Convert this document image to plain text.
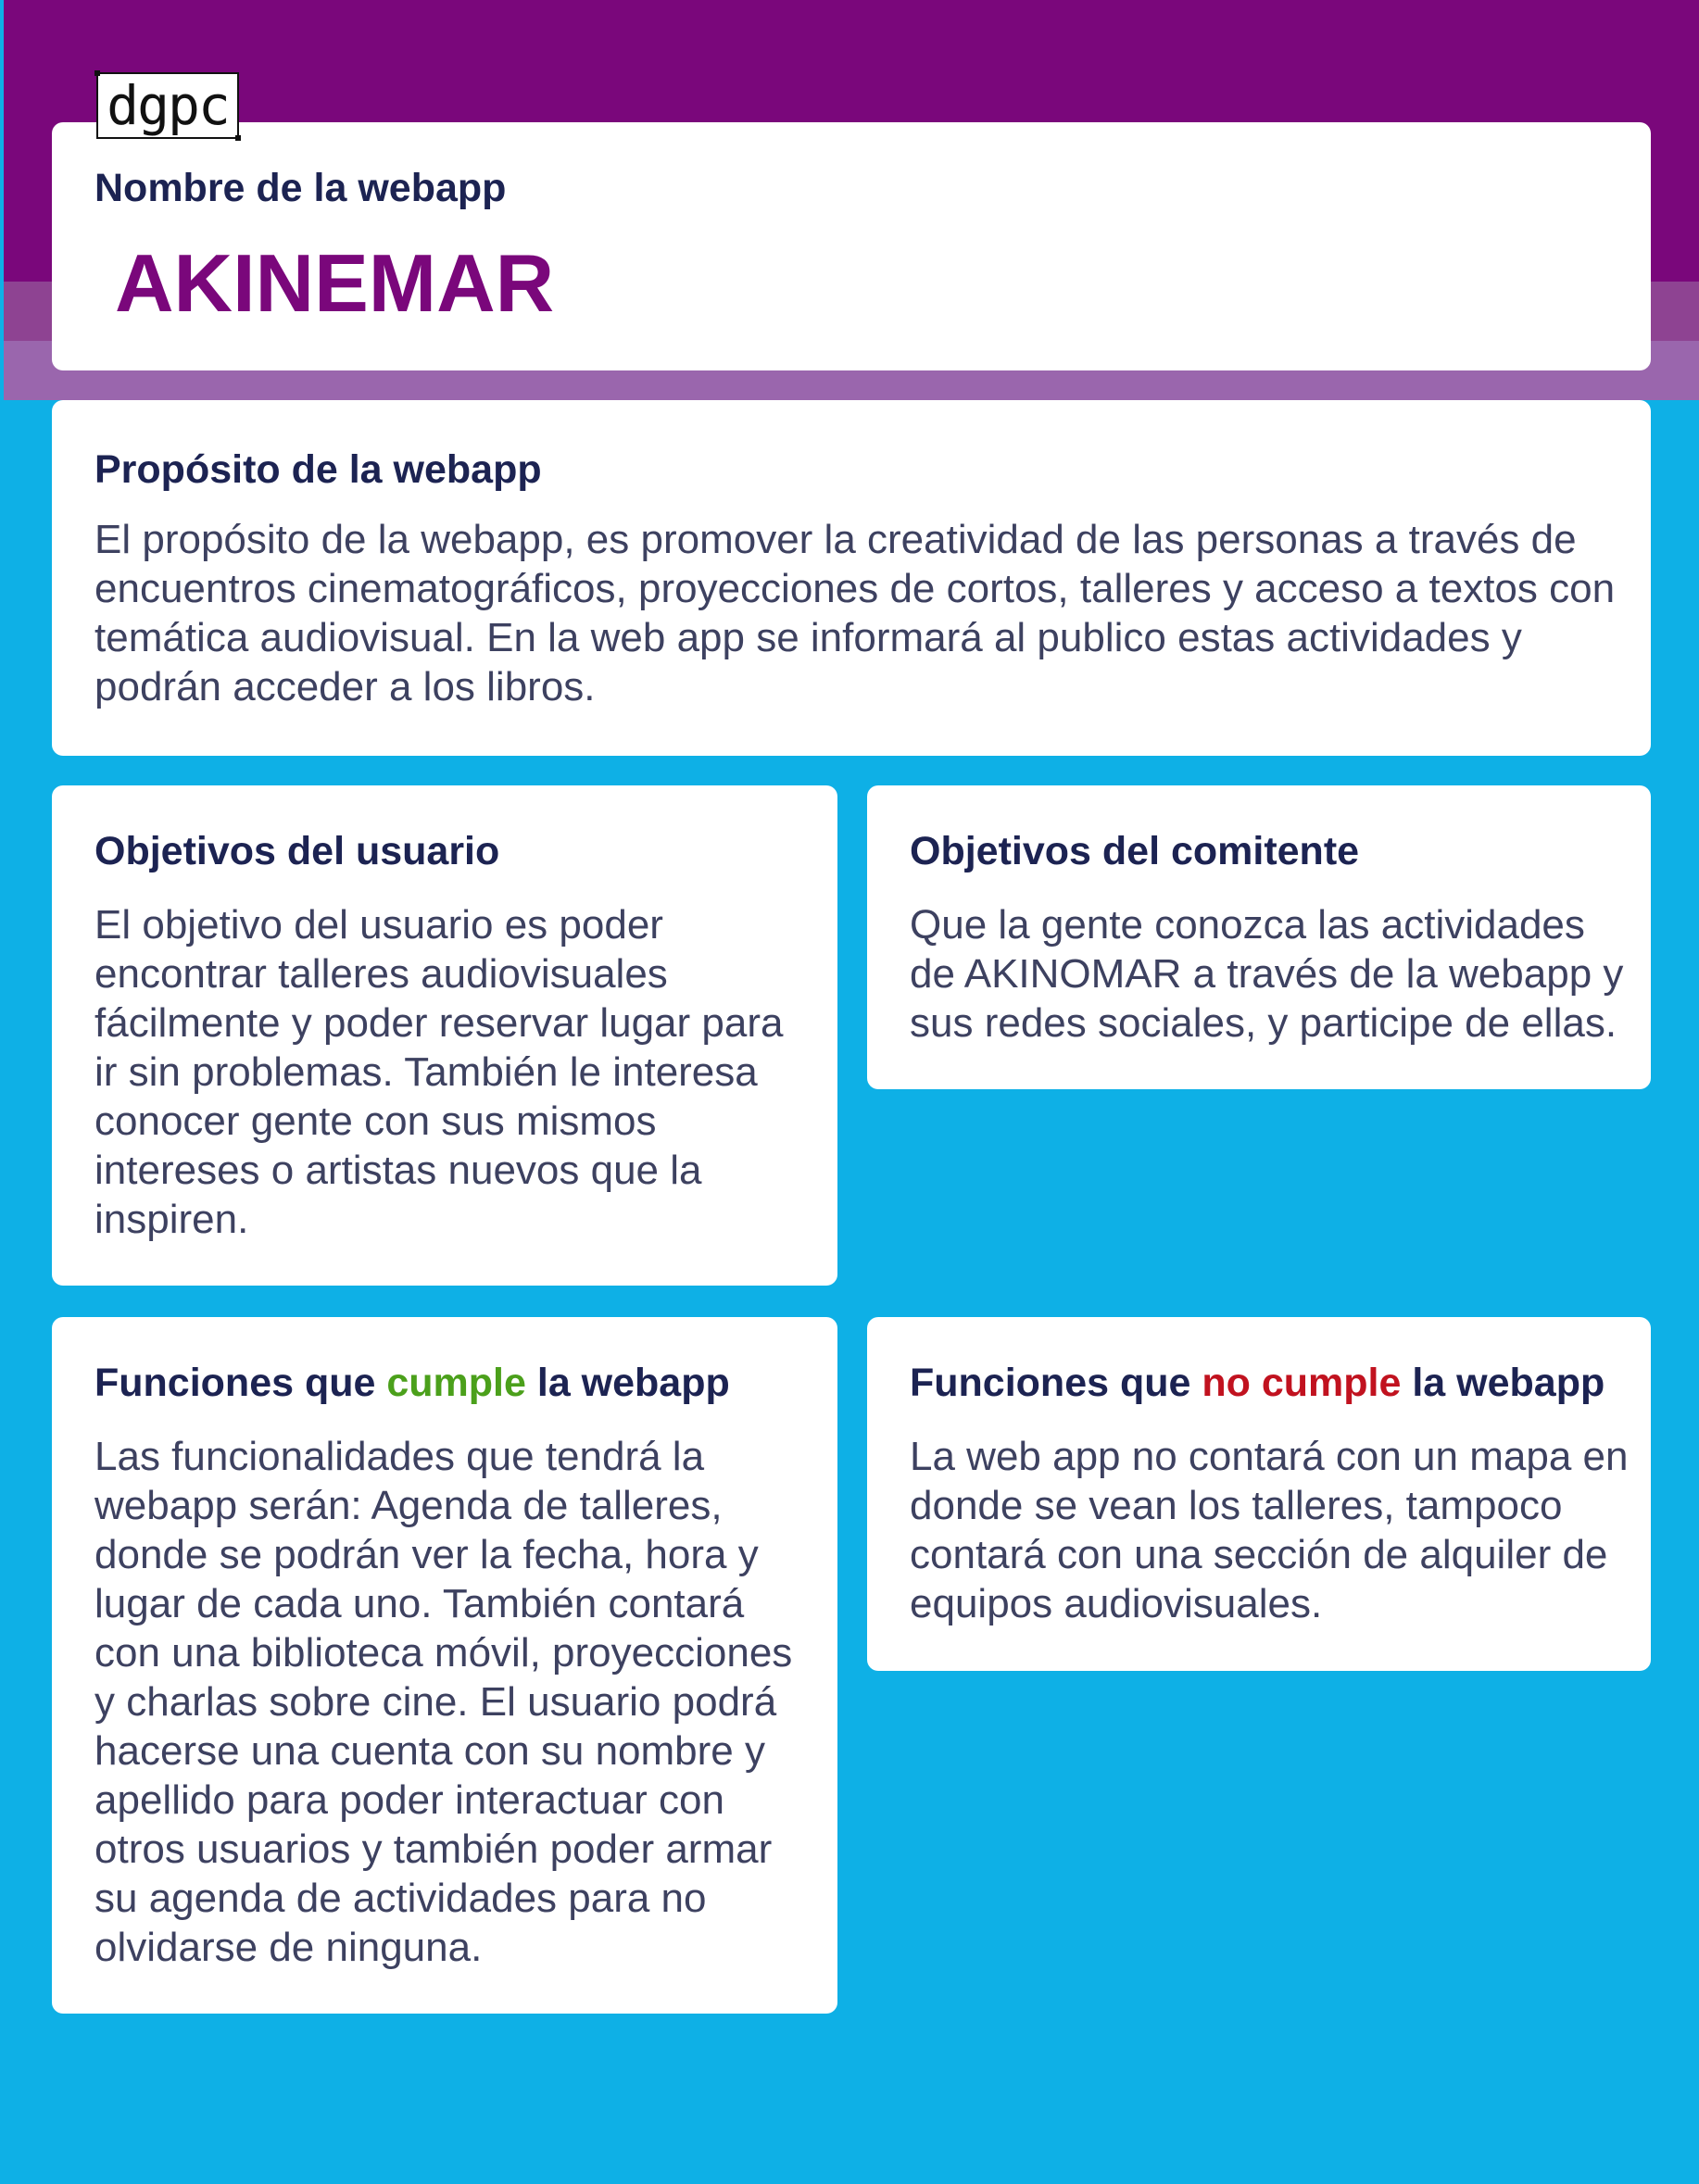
dgpc
Nombre de la webapp
AKINEMAR
Propósito de la webapp

El propósito de la webapp, es promover la creatividad de las personas a través de encuentros cinematográficos, proyecciones de cortos, talleres y acceso a textos con temática audiovisual. En la web app se informará al publico estas actividades y podrán acceder a los libros.

Objetivos del usuario

El objetivo del usuario es poder encontrar talleres audiovisuales fácilmente y poder reservar lugar para ir sin problemas. También le interesa conocer gente con sus mismos intereses o artistas nuevos que la inspiren.

Objetivos del comitente

Que la gente conozca las actividades de AKINOMAR a través de la webapp y sus redes sociales, y participe de ellas.

Funciones que cumple la webapp

Las funcionalidades que tendrá la webapp serán: Agenda de talleres, donde se podrán ver la fecha, hora y lugar de cada uno. También contará con una biblioteca móvil, proyecciones y charlas sobre cine. El usuario podrá hacerse una cuenta con su nombre y apellido para poder interactuar con otros usuarios y también poder armar su agenda de actividades para no olvidarse de ninguna.

Funciones que no cumple la webapp

La web app no contará con un mapa en donde se vean los talleres, tampoco contará con una sección de alquiler de equipos audiovisuales.
